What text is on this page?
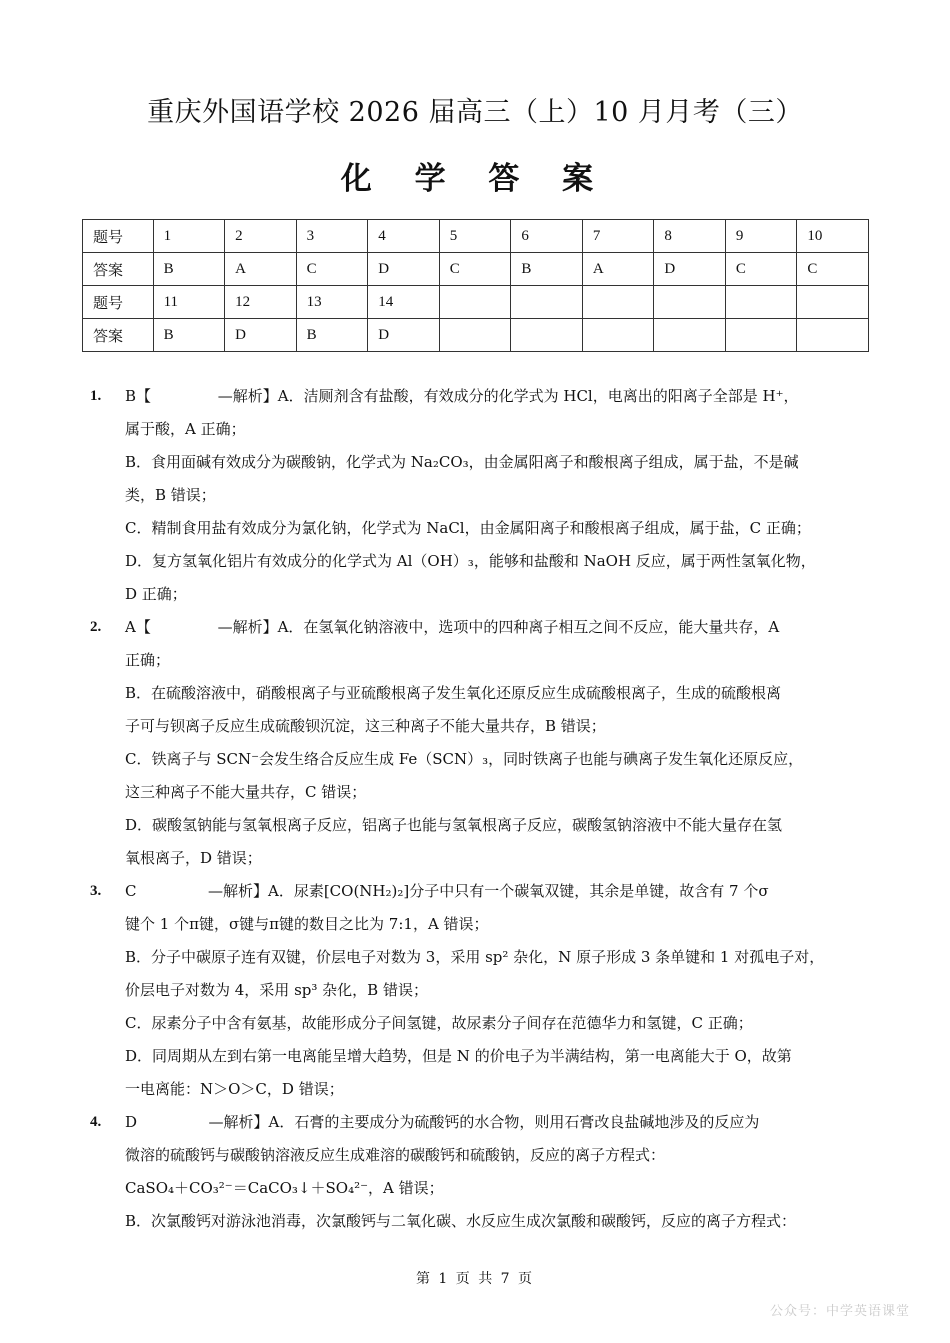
重庆外国语学校 2026 届高三（上）10 月月考（三）
化 学 答 案
题号	1	2	3	4	5	6	7	8	9	10
答案	B	A	C	D	C	B	A	D	C	C
题号	11	12	13	14						
答案	B	D	B	D						
1. B【              —解析】A．洁厕剂含有盐酸，有效成分的化学式为 HCl，电离出的阳离子全部是 H⁺，
属于酸，A 正确；
B．食用面碱有效成分为碳酸钠，化学式为 Na₂CO₃，由金属阳离子和酸根离子组成，属于盐，不是碱
类，B 错误；
C．精制食用盐有效成分为氯化钠，化学式为 NaCl，由金属阳离子和酸根离子组成，属于盐，C 正确；
D．复方氢氧化铝片有效成分的化学式为 Al（OH）₃，能够和盐酸和 NaOH 反应，属于两性氢氧化物，
D 正确；
2. A【              —解析】A．在氢氧化钠溶液中，选项中的四种离子相互之间不反应，能大量共存，A
正确；
B．在硫酸溶液中，硝酸根离子与亚硫酸根离子发生氧化还原反应生成硫酸根离子，生成的硫酸根离
子可与钡离子反应生成硫酸钡沉淀，这三种离子不能大量共存，B 错误；
C．铁离子与 SCN⁻会发生络合反应生成 Fe（SCN）₃，同时铁离子也能与碘离子发生氧化还原反应，
这三种离子不能大量共存，C 错误；
D．碳酸氢钠能与氢氧根离子反应，铝离子也能与氢氧根离子反应，碳酸氢钠溶液中不能大量存在氢
氧根离子，D 错误；
3. C               —解析】A．尿素[CO(NH₂)₂]分子中只有一个碳氧双键，其余是单键，故含有 7 个σ
键个 1 个π键，σ键与π键的数目之比为 7:1，A 错误；
B．分子中碳原子连有双键，价层电子对数为 3，采用 sp² 杂化，N 原子形成 3 条单键和 1 对孤电子对，
价层电子对数为 4，采用 sp³ 杂化，B 错误；
C．尿素分子中含有氨基，故能形成分子间氢键，故尿素分子间存在范德华力和氢键，C 正确；
D．同周期从左到右第一电离能呈增大趋势，但是 N 的价电子为半满结构，第一电离能大于 O，故第
一电离能：N＞O＞C，D 错误；
4. D               —解析】A．石膏的主要成分为硫酸钙的水合物，则用石膏改良盐碱地涉及的反应为
微溶的硫酸钙与碳酸钠溶液反应生成难溶的碳酸钙和硫酸钠，反应的离子方程式：
CaSO₄＋CO₃²⁻＝CaCO₃↓＋SO₄²⁻，A 错误；
B．次氯酸钙对游泳池消毒，次氯酸钙与二氧化碳、水反应生成次氯酸和碳酸钙，反应的离子方程式：
第 1 页 共 7 页
公众号：中学英语课堂
